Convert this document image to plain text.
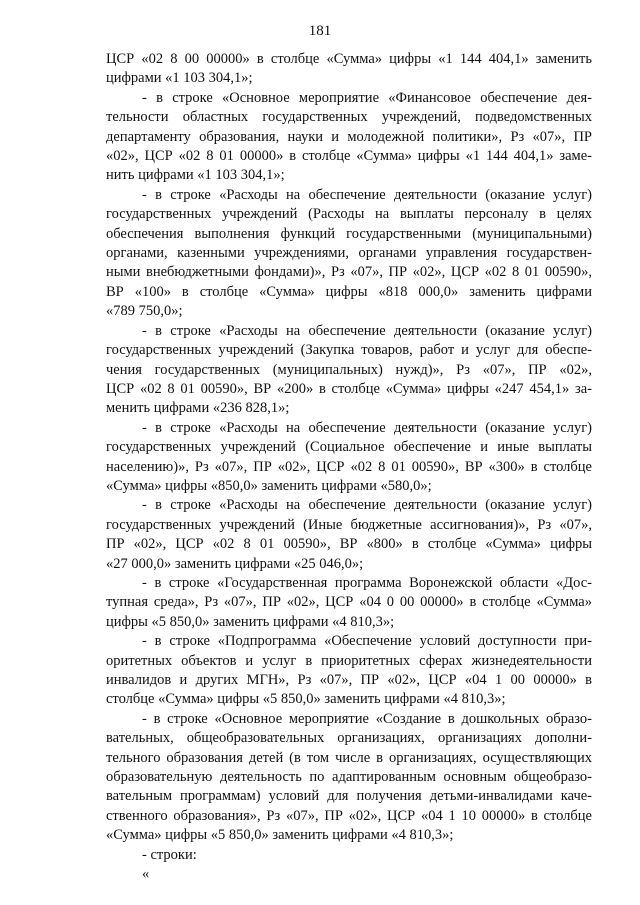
181
ЦСР «02 8 00 00000» в столбце «Сумма» цифры «1 144 404,1» заменить
цифрами «1 103 304,1»;
- в строке «Основное мероприятие «Финансовое обеспечение дея-
тельности областных государственных учреждений, подведомственных
департаменту образования, науки и молодежной политики», Рз «07», ПР
«02», ЦСР «02 8 01 00000» в столбце «Сумма» цифры «1 144 404,1» заме-
нить цифрами «1 103 304,1»;
- в строке «Расходы на обеспечение деятельности (оказание услуг)
государственных учреждений (Расходы на выплаты персоналу в целях
обеспечения выполнения функций государственными (муниципальными)
органами, казенными учреждениями, органами управления государствен-
ными внебюджетными фондами)», Рз «07», ПР «02», ЦСР «02 8 01 00590»,
ВР «100» в столбце «Сумма» цифры «818 000,0» заменить цифрами
«789 750,0»;
- в строке «Расходы на обеспечение деятельности (оказание услуг)
государственных учреждений (Закупка товаров, работ и услуг для обеспе-
чения государственных (муниципальных) нужд)», Рз «07», ПР «02»,
ЦСР «02 8 01 00590», ВР «200» в столбце «Сумма» цифры «247 454,1» за-
менить цифрами «236 828,1»;
- в строке «Расходы на обеспечение деятельности (оказание услуг)
государственных учреждений (Социальное обеспечение и иные выплаты
населению)», Рз «07», ПР «02», ЦСР «02 8 01 00590», ВР «300» в столбце
«Сумма» цифры «850,0» заменить цифрами «580,0»;
- в строке «Расходы на обеспечение деятельности (оказание услуг)
государственных учреждений (Иные бюджетные ассигнования)», Рз «07»,
ПР «02», ЦСР «02 8 01 00590», ВР «800» в столбце «Сумма» цифры
«27 000,0» заменить цифрами «25 046,0»;
- в строке «Государственная программа Воронежской области «Дос-
тупная среда», Рз «07», ПР «02», ЦСР «04 0 00 00000» в столбце «Сумма»
цифры «5 850,0» заменить цифрами «4 810,3»;
- в строке «Подпрограмма «Обеспечение условий доступности при-
оритетных объектов и услуг в приоритетных сферах жизнедеятельности
инвалидов и других МГН», Рз «07», ПР «02», ЦСР «04 1 00 00000» в
столбце «Сумма» цифры «5 850,0» заменить цифрами «4 810,3»;
- в строке «Основное мероприятие «Создание в дошкольных образо-
вательных, общеобразовательных организациях, организациях дополни-
тельного образования детей (в том числе в организациях, осуществляющих
образовательную деятельность по адаптированным основным общеобразо-
вательным программам) условий для получения детьми-инвалидами каче-
ственного образования», Рз «07», ПР «02», ЦСР «04 1 10 00000» в столбце
«Сумма» цифры «5 850,0» заменить цифрами «4 810,3»;
- строки:
«
